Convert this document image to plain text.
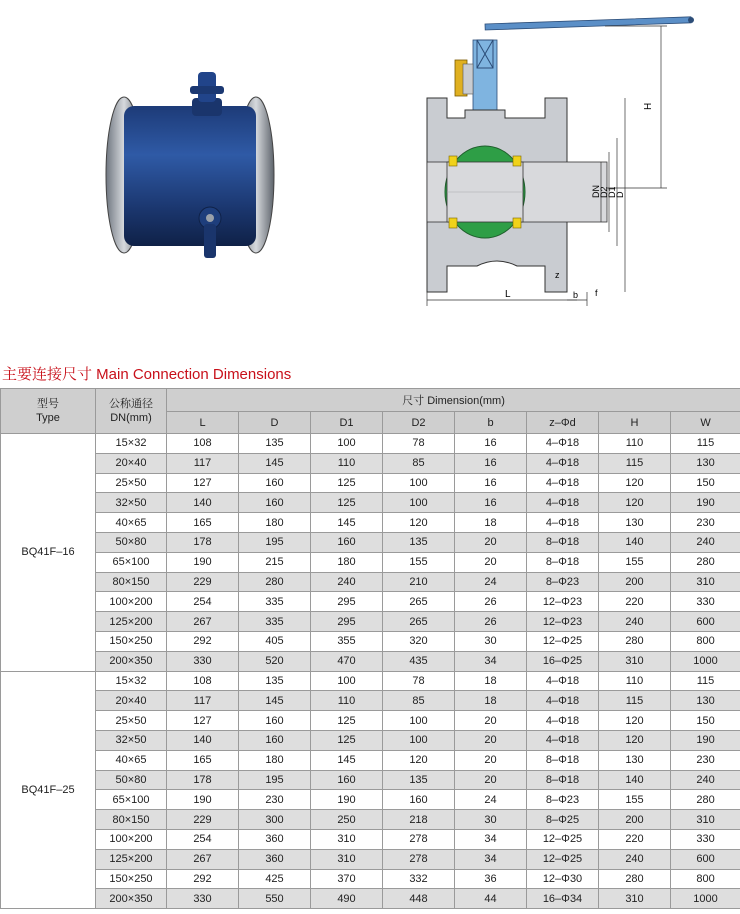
H
DN
D2
D1
D
L
z
b f
主要连接尺寸 Main Connection Dimensions
型号
Type	公称通径
DN(mm)	尺寸 Dimension(mm)							
		L	D	D1	D2	b	z–Φd	H	W
BQ41F–16	15×32	108	135	100	78	16	4–Φ18	110	115
	20×40	117	145	110	85	16	4–Φ18	115	130
	25×50	127	160	125	100	16	4–Φ18	120	150
	32×50	140	160	125	100	16	4–Φ18	120	190
	40×65	165	180	145	120	18	4–Φ18	130	230
	50×80	178	195	160	135	20	8–Φ18	140	240
	65×100	190	215	180	155	20	8–Φ18	155	280
	80×150	229	280	240	210	24	8–Φ23	200	310
	100×200	254	335	295	265	26	12–Φ23	220	330
	125×200	267	335	295	265	26	12–Φ23	240	600
	150×250	292	405	355	320	30	12–Φ25	280	800
	200×350	330	520	470	435	34	16–Φ25	310	1000
BQ41F–25	15×32	108	135	100	78	18	4–Φ18	110	115
	20×40	117	145	110	85	18	4–Φ18	115	130
	25×50	127	160	125	100	20	4–Φ18	120	150
	32×50	140	160	125	100	20	4–Φ18	120	190
	40×65	165	180	145	120	20	8–Φ18	130	230
	50×80	178	195	160	135	20	8–Φ18	140	240
	65×100	190	230	190	160	24	8–Φ23	155	280
	80×150	229	300	250	218	30	8–Φ25	200	310
	100×200	254	360	310	278	34	12–Φ25	220	330
	125×200	267	360	310	278	34	12–Φ25	240	600
	150×250	292	425	370	332	36	12–Φ30	280	800
	200×350	330	550	490	448	44	16–Φ34	310	1000
